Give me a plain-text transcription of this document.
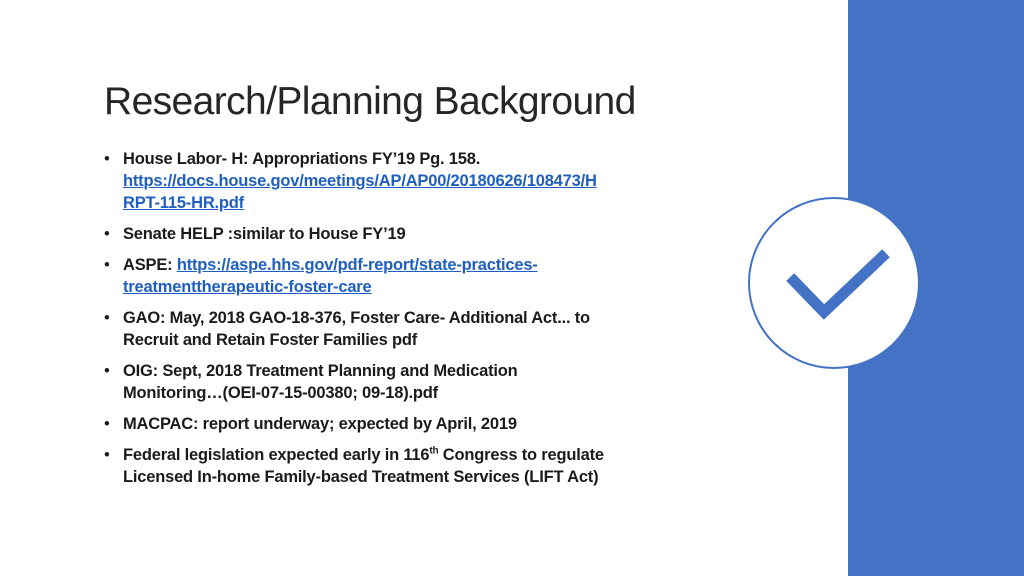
Research/Planning Background
• House Labor- H: Appropriations FY’19 Pg. 158.
https://docs.house.gov/meetings/AP/AP00/20180626/108473/H
RPT-115-HR.pdf
• Senate HELP :similar to House FY’19
• ASPE: https://aspe.hhs.gov/pdf-report/state-practices-
treatmenttherapeutic-foster-care
• GAO: May, 2018 GAO-18-376, Foster Care- Additional Act... to
Recruit and Retain Foster Families pdf
• OIG: Sept, 2018 Treatment Planning and Medication
Monitoring…(OEI-07-15-00380; 09-18).pdf
• MACPAC: report underway; expected by April, 2019
• Federal legislation expected early in 116th Congress to regulate
Licensed In-home Family-based Treatment Services (LIFT Act)
